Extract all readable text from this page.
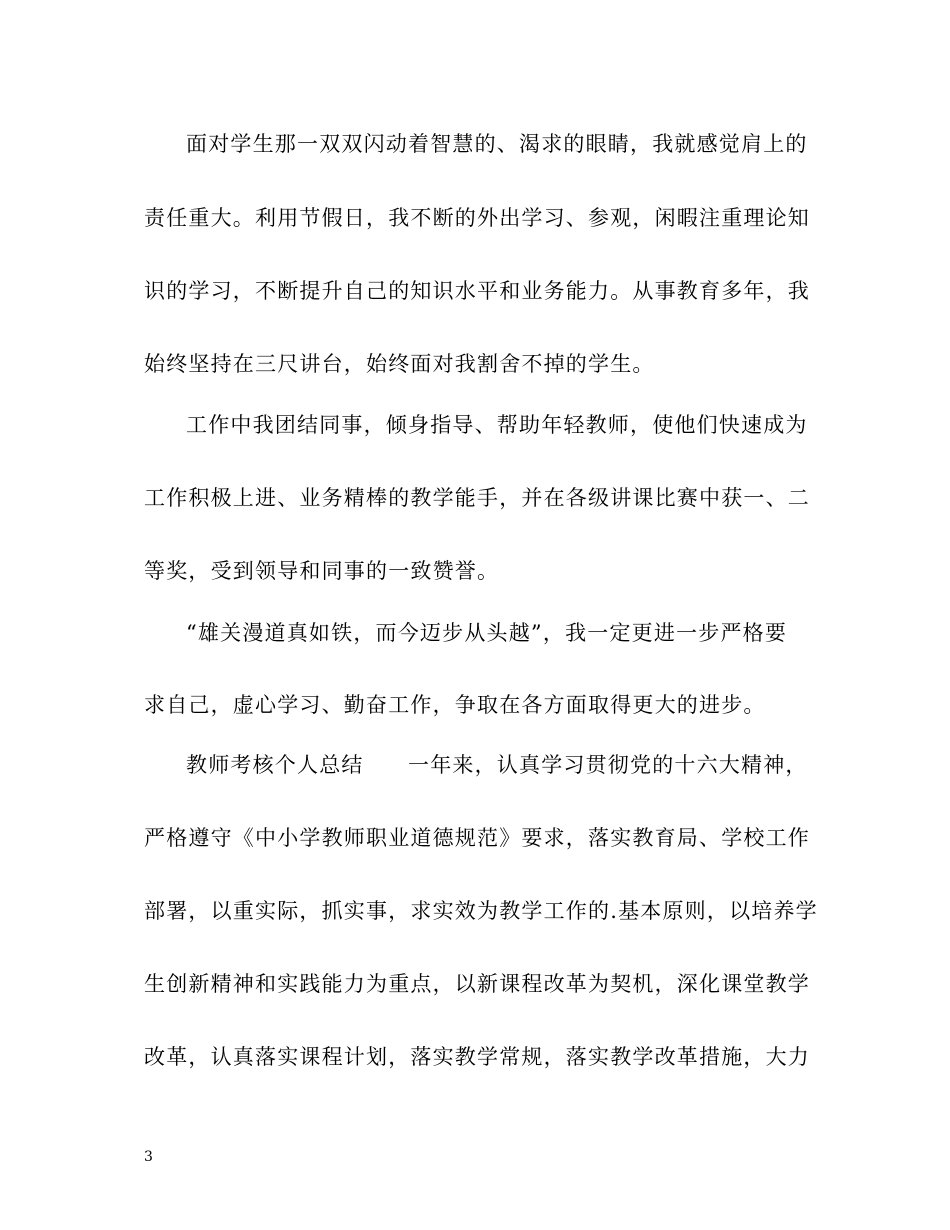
面对学生那一双双闪动着智慧的、渴求的眼睛，我就感觉肩上的
责任重大。利用节假日，我不断的外出学习、参观，闲暇注重理论知
识的学习，不断提升自己的知识水平和业务能力。从事教育多年，我
始终坚持在三尺讲台，始终面对我割舍不掉的学生。
工作中我团结同事，倾身指导、帮助年轻教师，使他们快速成为
工作积极上进、业务精棒的教学能手，并在各级讲课比赛中获一、二
等奖，受到领导和同事的一致赞誉。
“雄关漫道真如铁，而今迈步从头越”，我一定更进一步严格要
求自己，虚心学习、勤奋工作，争取在各方面取得更大的进步。
教师考核个人总结　　一年来，认真学习贯彻党的十六大精神，
严格遵守《中小学教师职业道德规范》要求，落实教育局、学校工作
部署，以重实际，抓实事，求实效为教学工作的.基本原则，以培养学
生创新精神和实践能力为重点，以新课程改革为契机，深化课堂教学
改革，认真落实课程计划，落实教学常规，落实教学改革措施，大力
3
